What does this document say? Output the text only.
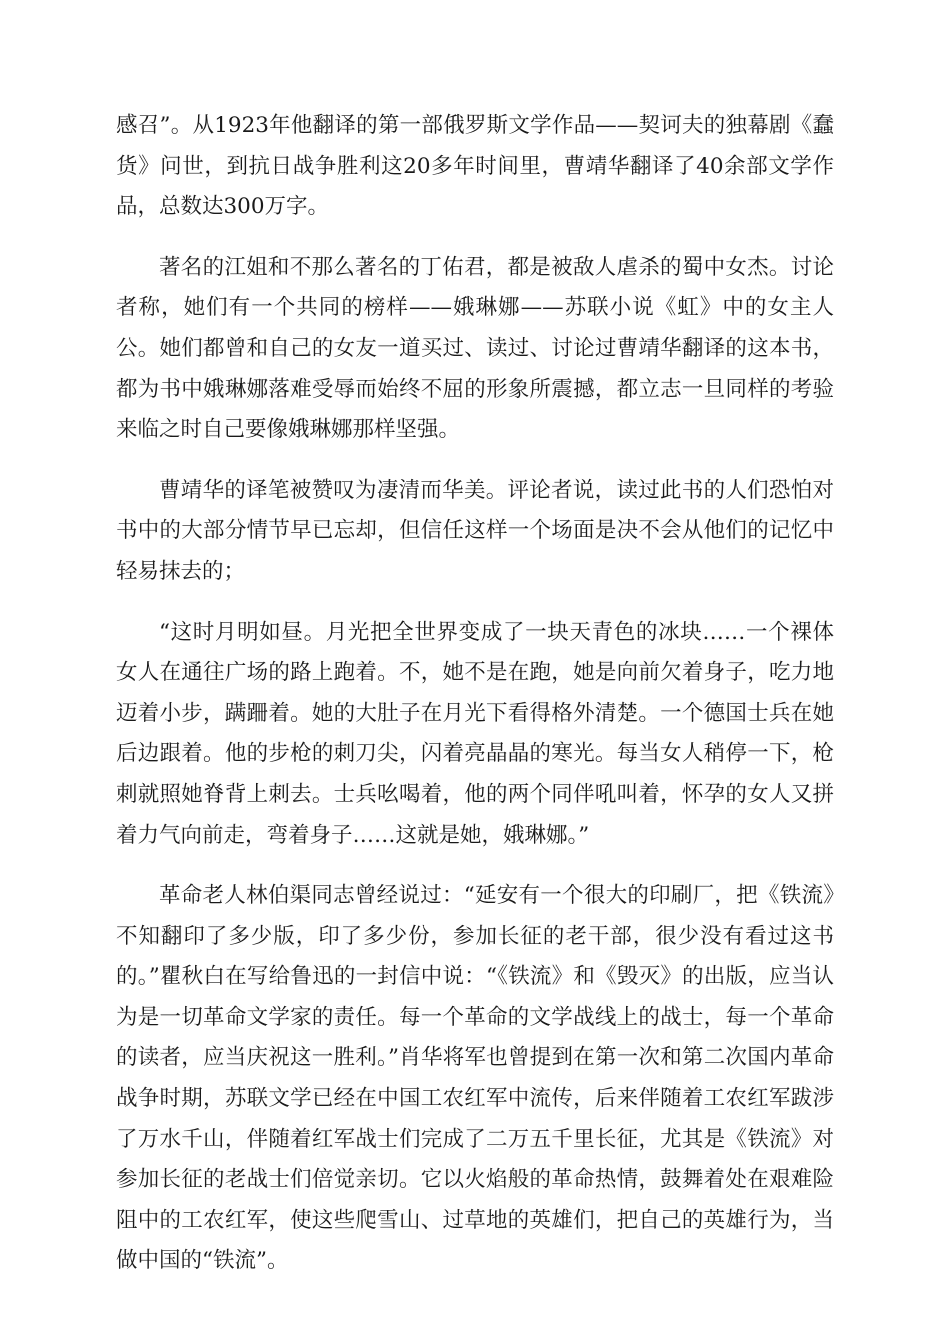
感召”。从1923年他翻译的第一部俄罗斯文学作品——契诃夫的独幕剧《蠢货》问世，到抗日战争胜利这20多年时间里，曹靖华翻译了40余部文学作品，总数达300万字。

著名的江姐和不那么著名的丁佑君，都是被敌人虐杀的蜀中女杰。讨论者称，她们有一个共同的榜样——娥琳娜——苏联小说《虹》中的女主人公。她们都曾和自己的女友一道买过、读过、讨论过曹靖华翻译的这本书，都为书中娥琳娜落难受辱而始终不屈的形象所震撼，都立志一旦同样的考验来临之时自己要像娥琳娜那样坚强。

曹靖华的译笔被赞叹为凄清而华美。评论者说，读过此书的人们恐怕对书中的大部分情节早已忘却，但信任这样一个场面是决不会从他们的记忆中轻易抹去的；

“这时月明如昼。月光把全世界变成了一块天青色的冰块……一个裸体女人在通往广场的路上跑着。不，她不是在跑，她是向前欠着身子，吃力地迈着小步，蹒跚着。她的大肚子在月光下看得格外清楚。一个德国士兵在她后边跟着。他的步枪的刺刀尖，闪着亮晶晶的寒光。每当女人稍停一下，枪刺就照她脊背上刺去。士兵吆喝着，他的两个同伴吼叫着，怀孕的女人又拼着力气向前走，弯着身子……这就是她，娥琳娜。”

革命老人林伯渠同志曾经说过：“延安有一个很大的印刷厂，把《铁流》不知翻印了多少版，印了多少份，参加长征的老干部，很少没有看过这书的。”瞿秋白在写给鲁迅的一封信中说：“《铁流》和《毁灭》的出版，应当认为是一切革命文学家的责任。每一个革命的文学战线上的战士，每一个革命的读者，应当庆祝这一胜利。”肖华将军也曾提到在第一次和第二次国内革命战争时期，苏联文学已经在中国工农红军中流传，后来伴随着工农红军跋涉了万水千山，伴随着红军战士们完成了二万五千里长征，尤其是《铁流》对参加长征的老战士们倍觉亲切。它以火焰般的革命热情，鼓舞着处在艰难险阻中的工农红军，使这些爬雪山、过草地的英雄们，把自己的英雄行为，当做中国的“铁流”。
